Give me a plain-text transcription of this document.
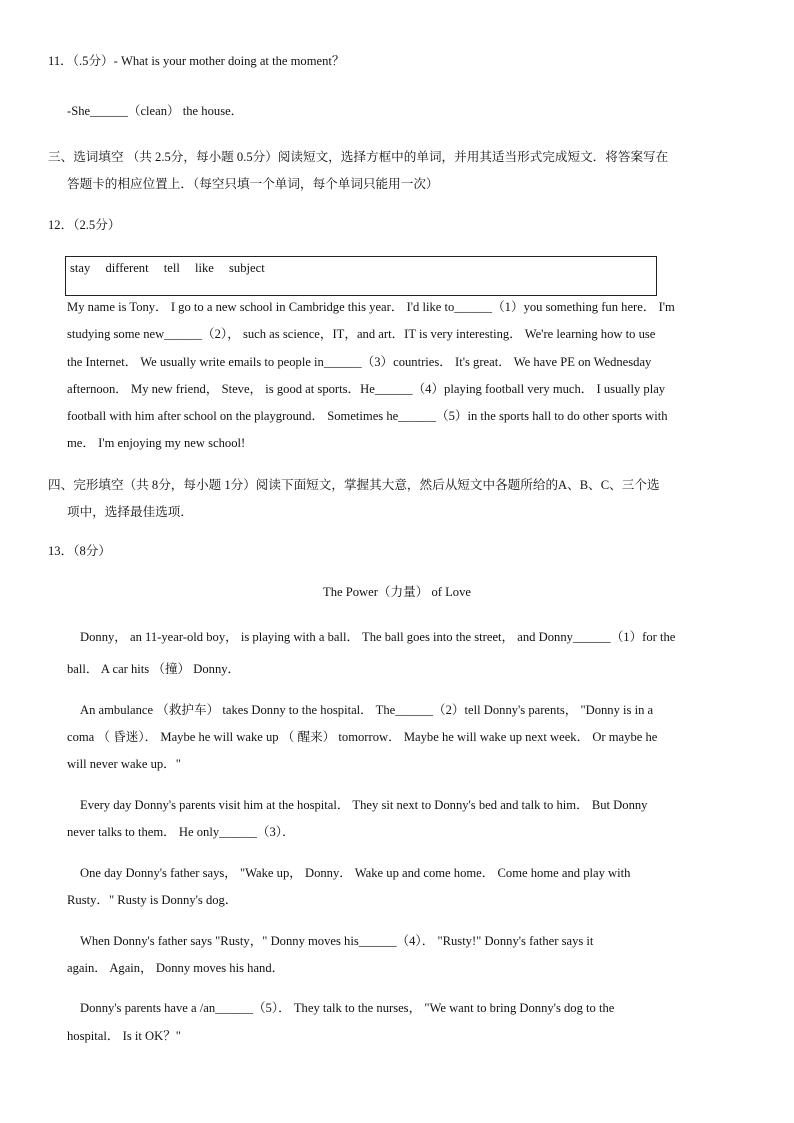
11．（.5分）- What is your mother doing at the moment？
-She______（clean） the house．
三、选词填空 （共 2.5分，每小题 0.5分）阅读短文，选择方框中的单词，并用其适当形式完成短文．将答案写在
答题卡的相应位置上．（每空只填一个单词，每个单词只能用一次）
12．（2.5分）
stay different tell like subject
My name is Tony． I go to a new school in Cambridge this year． I'd like to______（1）you something fun here． I'm
studying some new______（2）， such as science，IT，and art．IT is very interesting． We're learning how to use
the Internet． We usually write emails to people in______（3）countries． It's great． We have PE on Wednesday
afternoon． My new friend， Steve， is good at sports．He______（4）playing football very much． I usually play
football with him after school on the playground． Sometimes he______（5）in the sports hall to do other sports with
me． I'm enjoying my new school!
四、完形填空（共 8分，每小题 1分）阅读下面短文，掌握其大意，然后从短文中各题所给的A、B、C、三个选
项中，选择最佳选项．
13．（8分）
The Power（力量） of Love
Donny， an 11-year-old boy， is playing with a ball． The ball goes into the street， and Donny______（1）for the
ball． A car hits （撞） Donny．
An ambulance （救护车） takes Donny to the hospital． The______（2）tell Donny's parents， "Donny is in a
coma （ 昏迷）． Maybe he will wake up （ 醒来） tomorrow． Maybe he will wake up next week． Or maybe he
will never wake up．"
Every day Donny's parents visit him at the hospital． They sit next to Donny's bed and talk to him． But Donny
never talks to them． He only______（3）．
One day Donny's father says， "Wake up， Donny． Wake up and come home． Come home and play with
Rusty．" Rusty is Donny's dog．
When Donny's father says "Rusty，" Donny moves his______（4）． "Rusty!" Donny's father says it
again． Again， Donny moves his hand．
Donny's parents have a /an______（5）． They talk to the nurses， "We want to bring Donny's dog to the
hospital． Is it OK？"
